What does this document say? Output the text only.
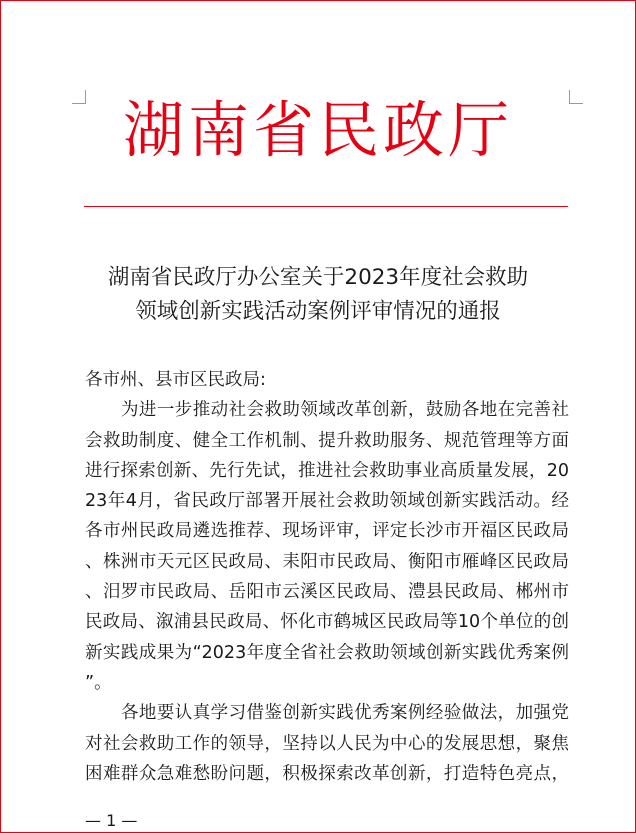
湖南省民政厅
湖南省民政厅办公室关于2023年度社会救助
领域创新实践活动案例评审情况的通报
各市州、县市区民政局:
为进一步推动社会救助领域改革创新，鼓励各地在完善社
会救助制度、健全工作机制、提升救助服务、规范管理等方面
进行探索创新、先行先试，推进社会救助事业高质量发展，20
23年4月，省民政厅部署开展社会救助领域创新实践活动。经
各市州民政局遴选推荐、现场评审，评定长沙市开福区民政局
、株洲市天元区民政局、耒阳市民政局、衡阳市雁峰区民政局
、汨罗市民政局、岳阳市云溪区民政局、澧县民政局、郴州市
民政局、溆浦县民政局、怀化市鹤城区民政局等10个单位的创
新实践成果为“2023年度全省社会救助领域创新实践优秀案例
”。
各地要认真学习借鉴创新实践优秀案例经验做法，加强党
对社会救助工作的领导，坚持以人民为中心的发展思想，聚焦
困难群众急难愁盼问题，积极探索改革创新，打造特色亮点，
— 1 —
